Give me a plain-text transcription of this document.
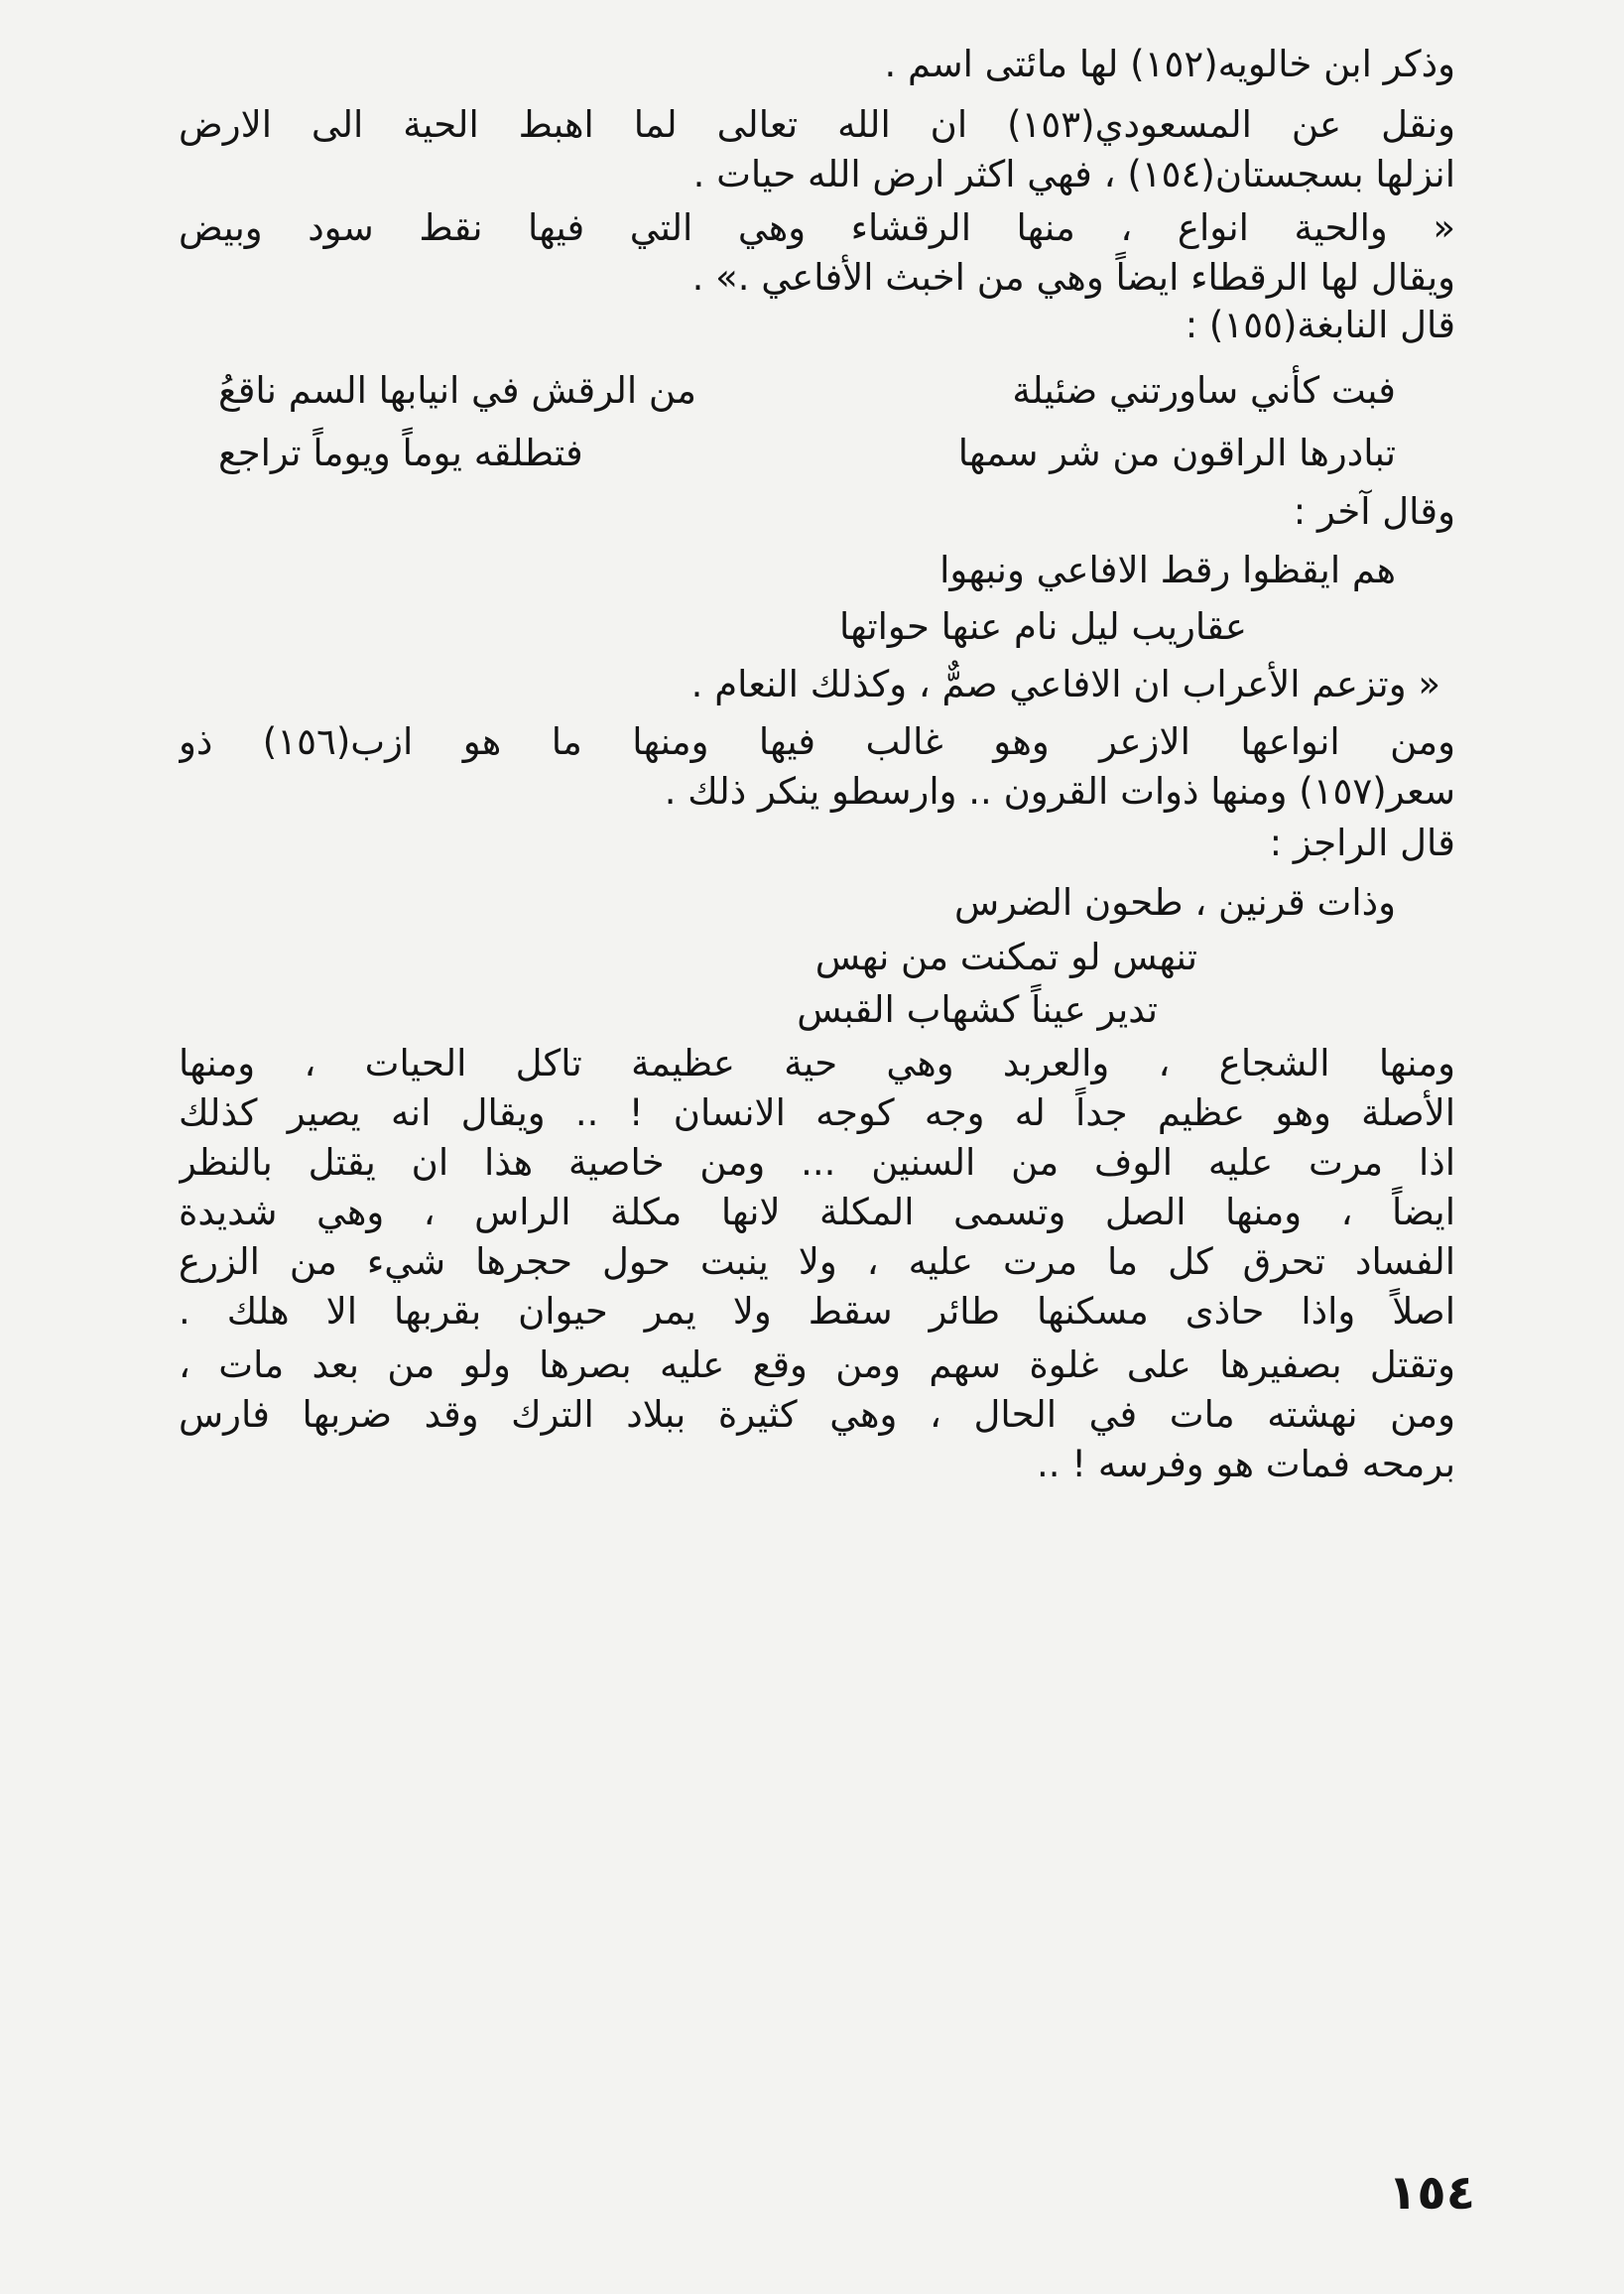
وذكر ابن خالويه(١٥٢) لها مائتى اسم .
ونقل عن المسعودي(١٥٣) ان الله تعالى لما اهبط الحية الى الارض
انزلها بسجستان(١٥٤) ، فهي اكثر ارض الله حيات .
« والحية انواع ، منها الرقشاء وهي التي فيها نقط سود وبيض
ويقال لها الرقطاء ايضاً وهي من اخبث الأفاعي .» .
قال النابغة(١٥٥) :
فبت كأني ساورتني ضئيلة
من الرقش في انيابها السم ناقعُ
تبادرها الراقون من شر سمها
فتطلقه يوماً ويوماً تراجع
وقال آخر :
هم ايقظوا رقط الافاعي ونبهوا
عقاريب ليل نام عنها حواتها
« وتزعم الأعراب ان الافاعي صمٌّ ، وكذلك النعام .
ومن انواعها الازعر وهو غالب فيها ومنها ما هو ازب(١٥٦) ذو
سعر(١٥٧) ومنها ذوات القرون .. وارسطو ينكر ذلك .
قال الراجز :
وذات قرنين ، طحون الضرس
تنهس لو تمكنت من نهس
تدير عيناً كشهاب القبس
ومنها الشجاع ، والعربد وهي حية عظيمة تاكل الحيات ، ومنها
الأصلة وهو عظيم جداً له وجه كوجه الانسان ! .. ويقال انه يصير كذلك
اذا مرت عليه الوف من السنين ... ومن خاصية هذا ان يقتل بالنظر
ايضاً ، ومنها الصل وتسمى المكلة لانها مكلة الراس ، وهي شديدة
الفساد تحرق كل ما مرت عليه ، ولا ينبت حول حجرها شيء من الزرع
اصلاً واذا حاذى مسكنها طائر سقط ولا يمر حيوان بقربها الا هلك .
وتقتل بصفيرها على غلوة سهم ومن وقع عليه بصرها ولو من بعد مات ،
ومن نهشته مات في الحال ، وهي كثيرة ببلاد الترك وقد ضربها فارس
برمحه فمات هو وفرسه ! ..
١٥٤
